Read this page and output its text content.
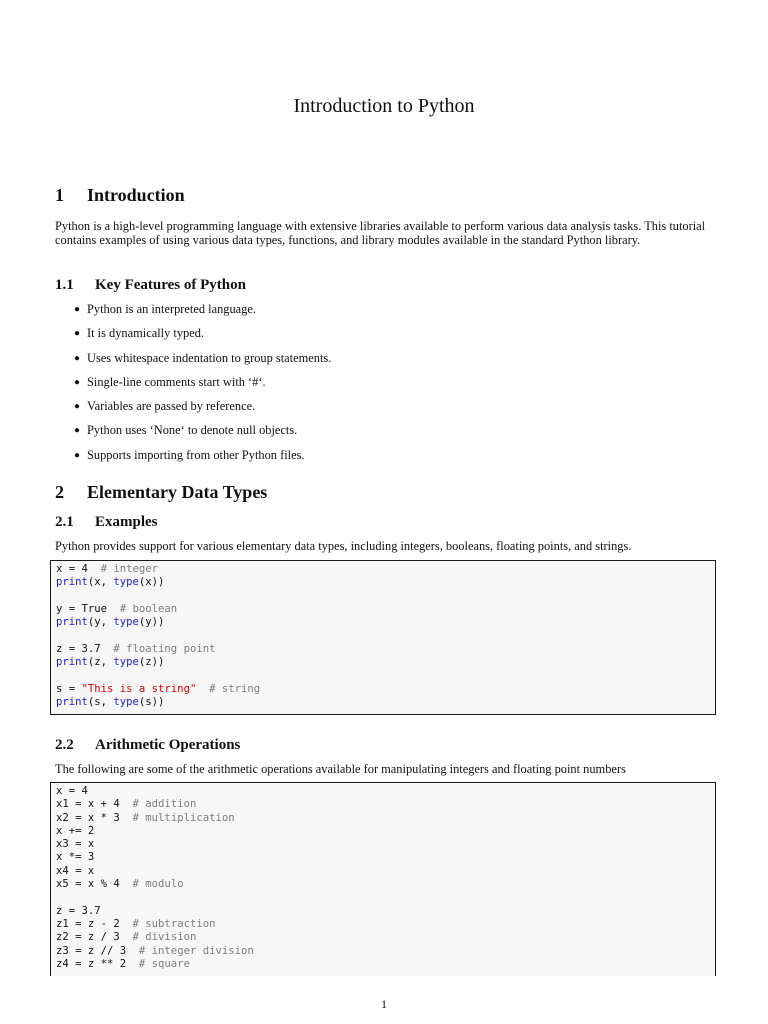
Introduction to Python
1 Introduction
Python is a high-level programming language with extensive libraries available to perform various data analysis tasks. This tutorial contains examples of using various data types, functions, and library modules available in the standard Python library.
1.1 Key Features of Python
● Python is an interpreted language.
● It is dynamically typed.
● Uses whitespace indentation to group statements.
● Single-line comments start with ‘#‘.
● Variables are passed by reference.
● Python uses ‘None‘ to denote null objects.
● Supports importing from other Python files.
2 Elementary Data Types
2.1 Examples
Python provides support for various elementary data types, including integers, booleans, floating points, and strings.
x = 4  # integer
print(x, type(x))

y = True  # boolean
print(y, type(y))

z = 3.7  # floating point
print(z, type(z))

s = "This is a string" # string
print(s, type(s))
2.2 Arithmetic Operations
The following are some of the arithmetic operations available for manipulating integers and floating point numbers
x = 4
x1 = x + 4  # addition
x2 = x * 3  # multiplication
x += 2
x3 = x
x *= 3
x4 = x
x5 = x % 4  # modulo

z = 3.7
z1 = z - 2  # subtraction
z2 = z / 3  # division
z3 = z // 3  # integer division
z4 = z ** 2  # square
1
